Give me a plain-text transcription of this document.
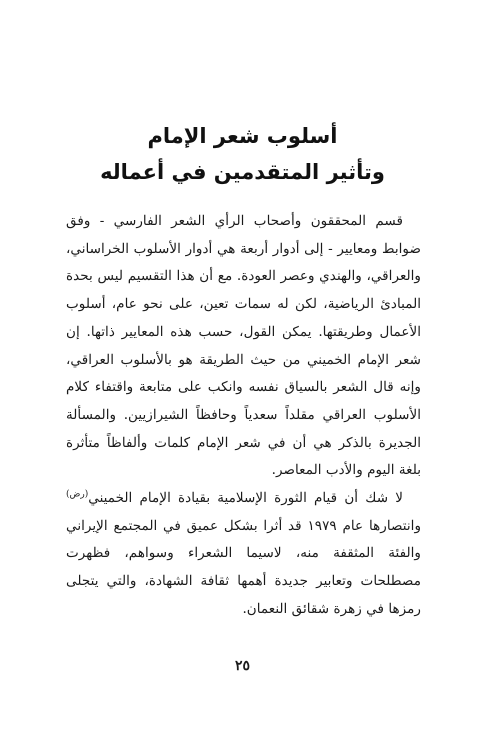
أسلوب شعر الإمام
وتأثير المتقدمين في أعماله

قسم المحققون وأصحاب الرأي الشعر الفارسي - وفق ضوابط ومعايير - إلى أدوار أربعة هي أدوار الأسلوب الخراساني، والعراقي، والهندي وعصر العودة. مع أن هذا التقسيم ليس بحدة المبادئ الرياضية، لكن له سمات تعين، على نحو عام، أسلوب الأعمال وطريقتها. يمكن القول، حسب هذه المعايير ذاتها. إن شعر الإمام الخميني من حيث الطريقة هو بالأسلوب العراقي، وإنه قال الشعر بالسياق نفسه وانكب على متابعة واقتفاء كلام الأسلوب العراقي مقلداً سعدياً وحافظاً الشيرازيين. والمسألة الجديرة بالذكر هي أن في شعر الإمام كلمات وألفاظاً متأثرة بلغة اليوم والأدب المعاصر.

لا شك أن قيام الثورة الإسلامية بقيادة الإمام الخميني$^{(رض)}$ وانتصارها عام ١٩٧٩ قد أثرا بشكل عميق في المجتمع الإيراني والفئة المثقفة منه، لاسيما الشعراء وسواهم، فظهرت مصطلحات وتعابير جديدة أهمها ثقافة الشهادة، والتي يتجلى رمزها في زهرة شقائق النعمان.

٢٥
